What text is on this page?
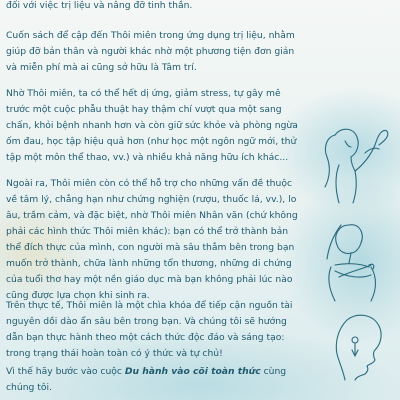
đối với việc trị liệu và nâng đỡ tinh thần.

Cuốn sách để cập đến Thôi miên trong ứng dụng trị liệu, nhằm giúp đỡ bản thân và người khác nhờ một phương tiện đơn giản và miễn phí mà ai cũng sở hữu là Tâm trí.

Nhờ Thôi miên, ta có thể hết dị ứng, giảm stress, tự gây mê trước một cuộc phẫu thuật hay thậm chí vượt qua một sang chấn, khỏi bệnh nhanh hơn và còn giữ sức khỏe và phòng ngừa ốm đau, học tập hiệu quả hơn (như học một ngôn ngữ mới, thử tập một môn thể thao, vv.) và nhiều khả năng hữu ích khác...

Ngoài ra, Thôi miên còn có thể hỗ trợ cho những vấn đề thuộc về tâm lý, chẳng hạn như chứng nghiện (rượu, thuốc lá, vv.), lo âu, trầm cảm, và đặc biệt, nhờ Thôi miên Nhân văn (chứ không phải các hình thức Thôi miên khác): bạn có thể trở thành bản thể đích thực của mình, con người mà sâu thẳm bên trong bạn muốn trở thành, chữa lành những tổn thương, những di chứng của tuổi thơ hay một nền giáo dục mà bạn không phải lúc nào cũng được lựa chọn khi sinh ra.

Trên thực tế, Thôi miên là một chìa khóa để tiếp cận nguồn tài nguyên dồi dào ẩn sâu bên trong bạn. Và chúng tôi sẽ hướng dẫn bạn thực hành theo một cách thức độc đáo và sáng tạo: trong trạng thái hoàn toàn có ý thức và tự chủ!

Vì thế hãy bước vào cuộc Du hành vào cõi toàn thức cùng chúng tôi.
